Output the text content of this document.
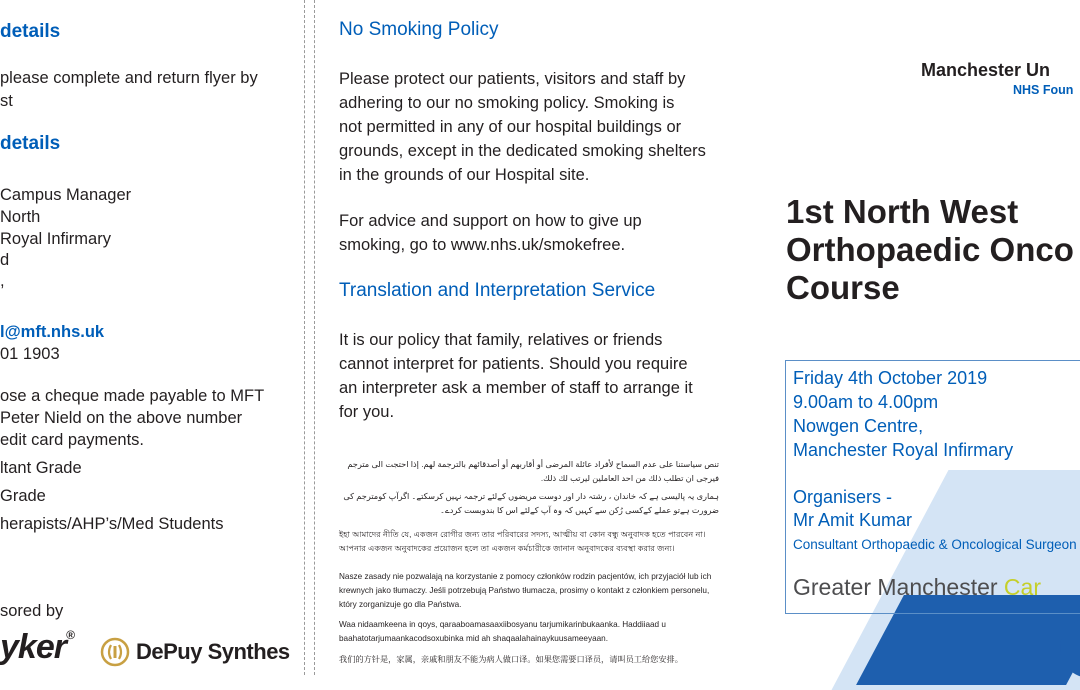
details
please complete and return flyer by
st
details
Campus Manager
North
Royal Infirmary
d
,
l@mft.nhs.uk
01 1903
ose a cheque made payable to MFT
Peter Nield on the above number
edit card payments.
ltant Grade
Grade
herapists/AHP’s/Med Students
sored by
yker®
DePuy Synthes
No Smoking Policy
Please protect our patients, visitors and staff by
adhering to our no smoking policy. Smoking is
not permitted in any of our hospital buildings or
grounds, except in the dedicated smoking shelters
in the grounds of our Hospital site.
For advice and support on how to give up
smoking, go to www.nhs.uk/smokefree.
Translation and Interpretation Service
It is our policy that family, relatives or friends
cannot interpret for patients. Should you require
an interpreter ask a member of staff to arrange it
for you.
تنص سياستنا على عدم السماح لأفراد عائلة المرضى أو أقاربهم أو أصدقائهم بالترجمة لهم. إذا احتجت الى مترجم فيرجى ان تطلب ذلك من احد العاملين ليرتب لك ذلك.
ہماری یہ پالیسی ہے کہ خاندان ، رشتہ دار اور دوست مریضوں کےلئے ترجمہ نہیں کرسکتے۔ اگرآپ کومترجم کی ضرورت ہےتو عملے کےکسی رُکن سے کہیں کہ وہ آپ کےلئے اس کا بندوبست کردے۔
ইহা আমাদের নীতি যে, একজন রোগীর জন্য তার পরিবারের সদস্য, আত্মীয় বা কোন বন্ধু অনুবাদক হতে পারবেন না। আপনার একজন অনুবাদকের প্রয়োজন হলে তা একজন কর্মচারীকে জানান অনুবাদকের ব্যবস্থা করার জন্য।
Nasze zasady nie pozwalają na korzystanie z pomocy członków rodzin pacjentów, ich przyjaciół lub ich krewnych jako tłumaczy. Jeśli potrzebują Państwo tłumacza, prosimy o kontakt z członkiem personelu, który zorganizuje go dla Państwa.
Waa nidaamkeena in qoys, qaraaboamasaaxiibosyanu tarjumikarinbukaanka. Haddiiaad u baahatotarjumaankacodsoxubinka mid ah shaqaalahainaykuusameeyaan.
我们的方针是，家属，亲戚和朋友不能为病人做口译。如果您需要口译员，请叫员工给您安排。
Manchester Un
NHS Foun
1st North West
Orthopaedic Onco
Course
Friday 4th October 2019
9.00am to 4.00pm
Nowgen Centre,
Manchester Royal Infirmary
Organisers -
Mr Amit Kumar
Consultant Orthopaedic & Oncological Surgeon
Greater Manchester Car
